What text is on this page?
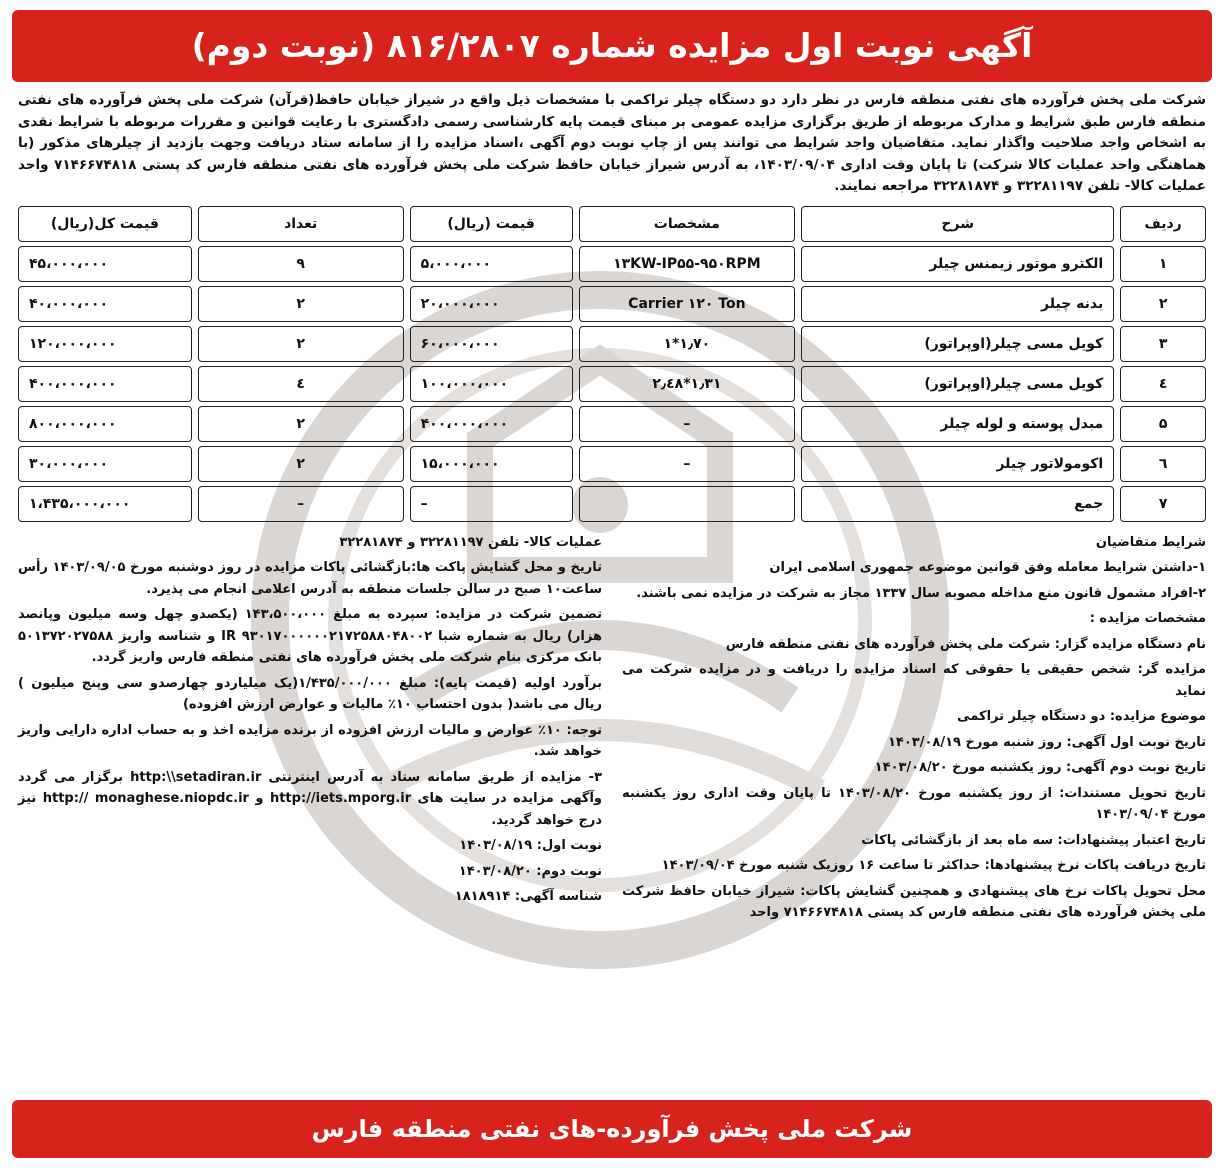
آگهی نوبت اول مزایده شماره ۸۱۶/۲۸۰۷ (نوبت دوم)
شرکت ملی پخش فرآورده های نفتی منطقه فارس در نظر دارد دو دستگاه چیلر تراکمی با مشخصات ذیل واقع در شیراز خیابان حافظ(قرآن) شرکت ملی پخش فرآورده های نفتی منطقه فارس طبق شرایط و مدارک مربوطه از طریق برگزاری مزایده عمومی بر مبنای قیمت پایه کارشناسی رسمی دادگستری با رعایت قوانین و مقررات مربوطه با شرایط نقدی به اشخاص واجد صلاحیت واگذار نماید. متقاضیان واجد شرایط می توانند پس از چاپ نوبت دوم آگهی ،اسناد مزایده را از سامانه ستاد دریافت وجهت بازدید از چیلرهای مذکور (با هماهنگی واحد عملیات کالا شرکت) تا پایان وقت اداری ۱۴۰۳/۰۹/۰۴، به آدرس شیراز خیابان حافظ شرکت ملی پخش فرآورده های نفتی منطقه فارس کد پستی ۷۱۴۶۶۷۴۸۱۸ واحد عملیات کالا- تلفن ۳۲۲۸۱۱۹۷ و ۳۲۲۸۱۸۷۴ مراجعه نمایند.
ردیف	شرح	مشخصات	قیمت (ریال)	تعداد	قیمت کل(ریال)
۱	الکترو موتور زیمنس چیلر	۱۳KW-IP۵۵-۹۵۰RPM	۵،۰۰۰،۰۰۰	۹	۴۵،۰۰۰،۰۰۰
۲	بدنه چیلر	Carrier ۱۲۰ Ton	۲۰،۰۰۰،۰۰۰	۲	۴۰،۰۰۰،۰۰۰
۳	کویل مسی چیلر(اوپراتور)	۱*۱٫۷۰	۶۰،۰۰۰،۰۰۰	۲	۱۲۰،۰۰۰،۰۰۰
٤	کویل مسی چیلر(اوپراتور)	۲٫٤۸*۱٫۳۱	۱۰۰،۰۰۰،۰۰۰	٤	۴۰۰،۰۰۰،۰۰۰
۵	مبدل پوسته و لوله چیلر	–	۴۰۰،۰۰۰،۰۰۰	۲	۸۰۰،۰۰۰،۰۰۰
٦	اکومولاتور چیلر	–	۱۵،۰۰۰،۰۰۰	۲	۳۰،۰۰۰،۰۰۰
۷	جمع		–	–	۱،۴۳۵،۰۰۰،۰۰۰

شرایط متقاضیان

۱-داشتن شرایط معامله وفق قوانین موضوعه جمهوری اسلامی ایران

۲-افراد مشمول قانون منع مداخله مصوبه سال ۱۳۳۷ مجاز به شرکت در مزایده نمی باشند.

مشخصات مزایده :

نام دستگاه مزایده گزار: شرکت ملی پخش فرآورده های نفتی منطقه فارس

مزایده گر: شخص حقیقی یا حقوقی که اسناد مزایده را دریافت و در مزایده شرکت می نماید

موضوع مزایده: دو دستگاه چیلر تراکمی

تاریخ نوبت اول آگهی: روز شنبه مورخ ۱۴۰۳/۰۸/۱۹

تاریخ نوبت دوم آگهی: روز یکشنبه مورخ ۱۴۰۳/۰۸/۲۰

تاریخ تحویل مستندات: از روز یکشنبه مورخ ۱۴۰۳/۰۸/۲۰ تا پایان وقت اداری روز یکشنبه مورخ ۱۴۰۳/۰۹/۰۴

تاریخ اعتبار پیشنهادات: سه ماه بعد از بازگشائی پاکات

تاریخ دریافت پاکات نرخ پیشنهادها: حداکثر تا ساعت ۱۶ روزیک شنبه مورخ ۱۴۰۳/۰۹/۰۴

محل تحویل پاکات نرخ های پیشنهادی و همچنین گشایش پاکات: شیراز خیابان حافظ شرکت ملی پخش فرآورده های نفتی منطقه فارس کد پستی ۷۱۴۶۶۷۴۸۱۸ واحد

عملیات کالا- تلفن ۳۲۲۸۱۱۹۷ و ۳۲۲۸۱۸۷۴

تاریخ و محل گشایش پاکت ها:بازگشائی پاکات مزایده در روز دوشنبه مورخ ۱۴۰۳/۰۹/۰۵ رأس ساعت۱۰ صبح در سالن جلسات منطقه به آدرس اعلامی انجام می پذیرد.

تضمین شرکت در مزایده: سپرده به مبلغ ۱۴۳،۵۰۰،۰۰۰ (یکصدو چهل وسه میلیون وپانصد هزار) ریال به شماره شبا IR ۹۳۰۱۷۰۰۰۰۰۰۲۱۷۲۵۸۸۰۴۸۰۰۲ و شناسه واریز ۵۰۱۳۷۲۰۲۷۵۸۸ بانک مرکزی بنام شرکت ملی پخش فرآورده های نفتی منطقه فارس واریز گردد.

برآورد اولیه (قیمت پایه): مبلغ ۱/۴۳۵/۰۰۰/۰۰۰(یک میلیاردو چهارصدو سی وپنج میلیون ) ریال می باشد( بدون احتساب ۱۰٪ مالیات و عوارض ارزش افزوده)

توجه: ۱۰٪ عوارض و مالیات ارزش افزوده از برنده مزایده اخذ و به حساب اداره دارایی واریز خواهد شد.

۳- مزایده از طریق سامانه ستاد به آدرس اینترنتی http:\\setadiran.ir برگزار می گردد وآگهی مزایده در سایت های http://iets.mporg.ir و http:// monaghese.niopdc.ir نیز درج خواهد گردید.

نوبت اول: ۱۴۰۳/۰۸/۱۹

نوبت دوم: ۱۴۰۳/۰۸/۲۰

شناسه آگهی: ۱۸۱۸۹۱۴

شرکت ملی پخش فرآورده‌-های نفتی منطقه فارس
